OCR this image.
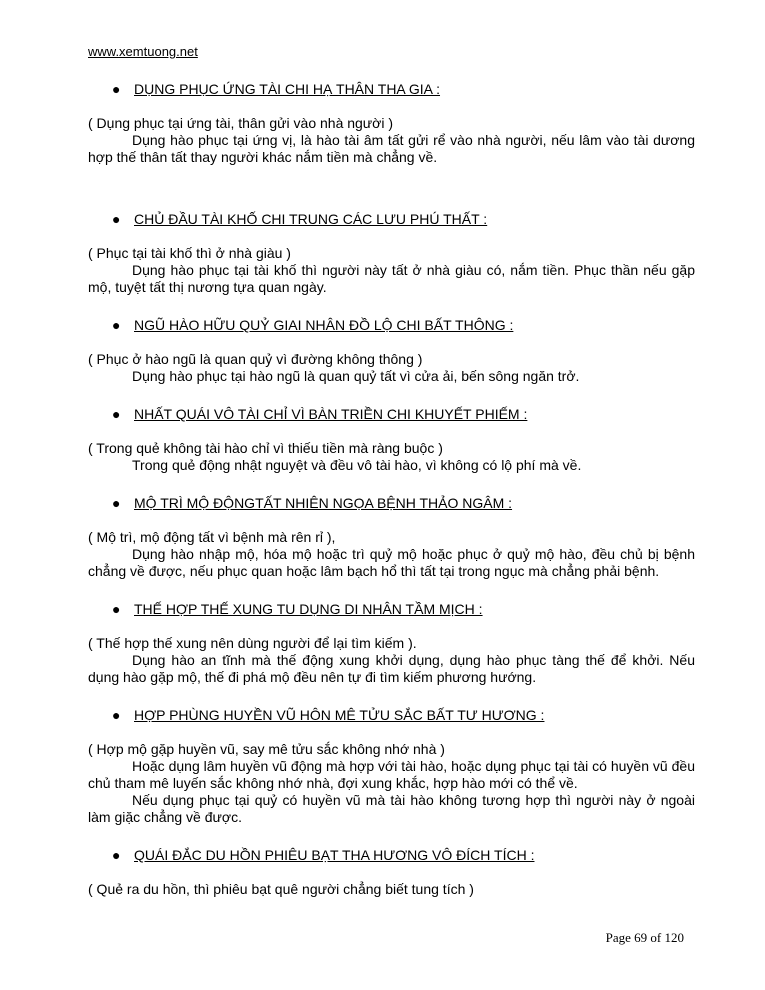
www.xemtuong.net
● DỤNG PHỤC ỨNG TÀI CHI HẠ THÂN THA GIA :
( Dụng phục tại ứng tài, thân gửi vào nhà người )
Dụng hào phục tại ứng vị, là hào tài âm tất gửi rể vào nhà người, nếu lâm vào tài dương hợp thế thân tất thay người khác nắm tiền mà chẳng về.
● CHỦ ĐẦU TÀI KHỐ CHI TRUNG CÁC LƯU PHÚ THẤT :
( Phục tại tài khố thì ở nhà giàu )
Dụng hào phục tại tài khố thì người này tất ở nhà giàu có, nắm tiền. Phục thần nếu gặp mộ, tuyệt tất thị nương tựa quan ngày.
● NGŨ HÀO HỮU QUỶ GIAI NHÂN ĐỒ LỘ CHI BẤT THÔNG :
( Phục ở hào ngũ là quan quỷ vì đường không thông )
Dụng hào phục tại hào ngũ là quan quỷ tất vì cửa ải, bến sông ngăn trở.
● NHẤT QUÁI VÔ TÀI CHỈ VÌ BÀN TRIỀN CHI KHUYẾT PHIẾM :
( Trong quẻ không tài hào chỉ vì thiếu tiền mà ràng buộc )
Trong quẻ động nhật nguyệt và đều vô tài hào, vì không có lộ phí mà về.
● MỘ TRÌ MỘ ĐỘNGTẤT NHIÊN NGỌA BỆNH THẢO NGÂM :
( Mộ trì, mộ động tất vì bệnh mà rên rỉ ),
Dụng hào nhập mộ, hóa mộ hoặc trì quỷ mộ hoặc phục ở quỷ mộ hào, đều chủ bị bệnh chẳng về được, nếu phục quan hoặc lâm bạch hổ thì tất tại trong ngục mà chẳng phải bệnh.
● THẾ HỢP THẾ XUNG TU DỤNG DI NHÂN TẦM MỊCH :
( Thế hợp thế xung nên dùng người để lại tìm kiếm ).
Dụng hào an tĩnh mà thế động xung khởi dụng, dụng hào phục tàng thế để khởi. Nếu dụng hào gặp mộ, thế đi phá mộ đều nên tự đi tìm kiếm phương hướng.
● HỢP PHÙNG HUYỀN VŨ HÔN MÊ TỬU SẮC BẤT TƯ HƯƠNG :
( Hợp mộ gặp huyền vũ, say mê tửu sắc không nhớ nhà )
Hoặc dụng lâm huyền vũ động mà hợp với tài hào, hoặc dụng phục tại tài có huyền vũ đều chủ tham mê luyến sắc không nhớ nhà, đợi xung khắc, hợp hào mới có thể về.
Nếu dụng phục tại quỷ có huyền vũ mà tài hào không tương hợp thì người này ở ngoài làm giặc chẳng về được.
● QUÁI ĐẮC DU HỒN PHIÊU BẠT THA HƯƠNG VÔ ĐÍCH TÍCH :
( Quẻ ra du hồn, thì phiêu bạt quê người chẳng biết tung tích )
Page 69 of 120
